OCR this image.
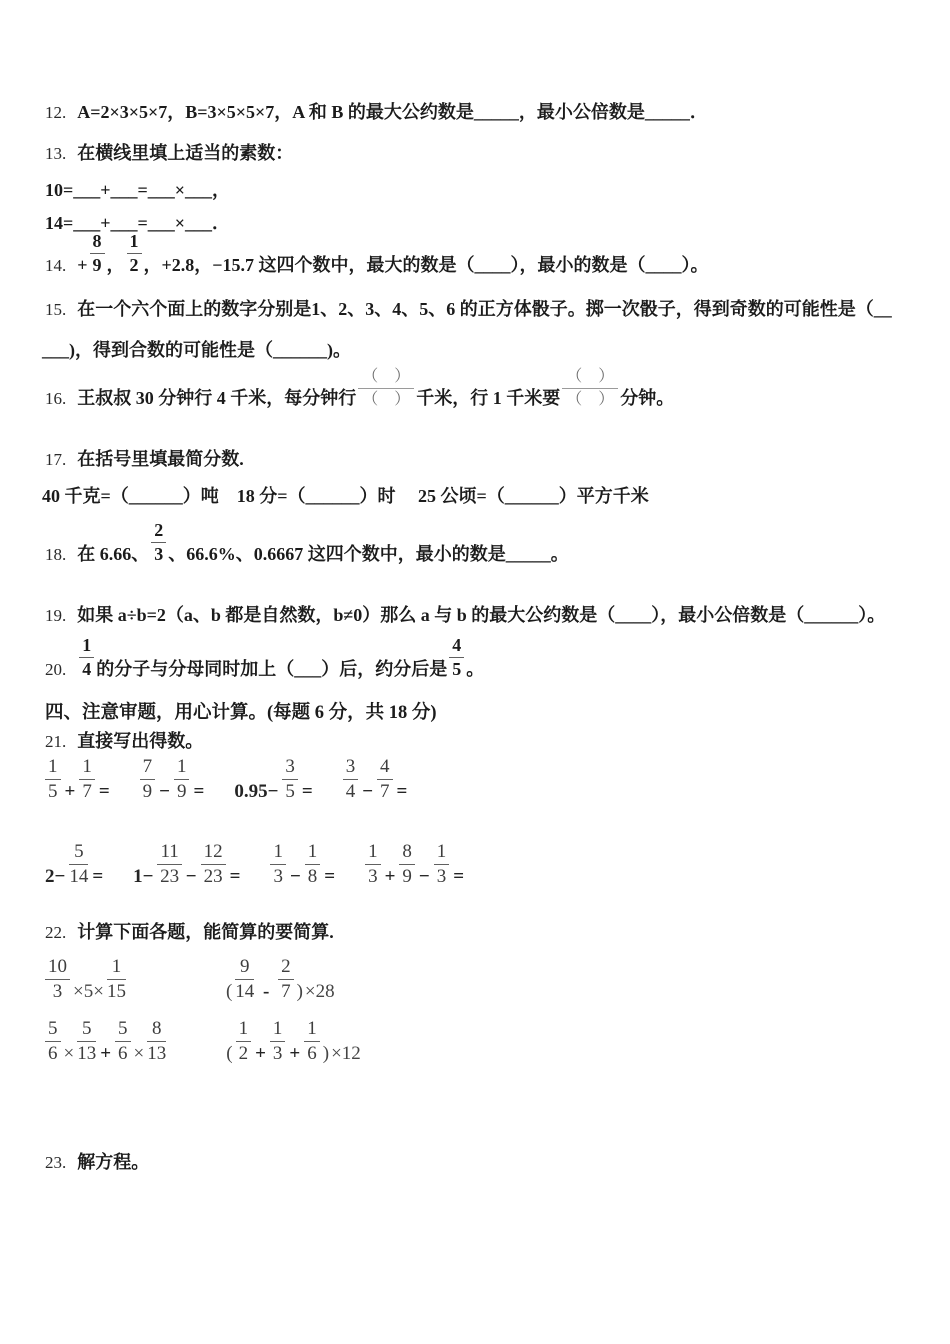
12. A=2×3×5×7，B=3×5×5×7，A 和 B 的最大公约数是_____，最小公倍数是_____．
13. 在横线里填上适当的素数：
10=___+___=___×___，
14=___+___=___×___．
14. + $\frac{8}{9}$ ， $\frac{1}{2}$ ，+2.8，−15.7 这四个数中，最大的数是（____），最小的数是（____）。
15. 在一个六个面上的数字分别是1、2、3、4、5、6 的正方体骰子。掷一次骰子，得到奇数的可能性是（__
___)，得到合数的可能性是（______)。
16. 王叔叔 30 分钟行 4 千米，每分钟行 $\frac{( )}{( )}$ 千米，行 1 千米要 $\frac{( )}{( )}$ 分钟。
17. 在括号里填最简分数.
40 千克=（______）吨　18 分=（______）时　 25 公顷=（______）平方千米
18. 在 6.66、 $\frac{2}{3}$ 、66.6%、0.6667 这四个数中，最小的数是_____。
19. 如果 a÷b=2（a、b 都是自然数，b≠0）那么 a 与 b 的最大公约数是（____），最小公倍数是（______）。
20. $\frac{1}{4}$ 的分子与分母同时加上（___）后，约分后是 $\frac{4}{5}$ 。
四、注意审题，用心计算。(每题 6 分，共 18 分)
21. 直接写出得数。
$\frac{1}{5} + \frac{1}{7} = \frac{7}{9} - \frac{1}{9} = 0.95- \frac{3}{5} = \frac{3}{4} - \frac{4}{7}$ =
$2- \frac{5}{14} = 1- \frac{11}{23} - \frac{12}{23} = \frac{1}{3} - \frac{1}{8} = \frac{1}{3} + \frac{8}{9} - \frac{1}{3}$ =
22. 计算下面各题，能简算的要简算.
$\frac{10}{3} \times 5\times \frac{1}{15}$	( $\frac{9}{14} - \frac{2}{7}$ ) ×28
$\frac{5}{6} \times \frac{5}{13} + \frac{5}{6} \times \frac{8}{13}$	( $\frac{1}{2} + \frac{1}{3} + \frac{1}{6}$ ) ×12
23. 解方程。
